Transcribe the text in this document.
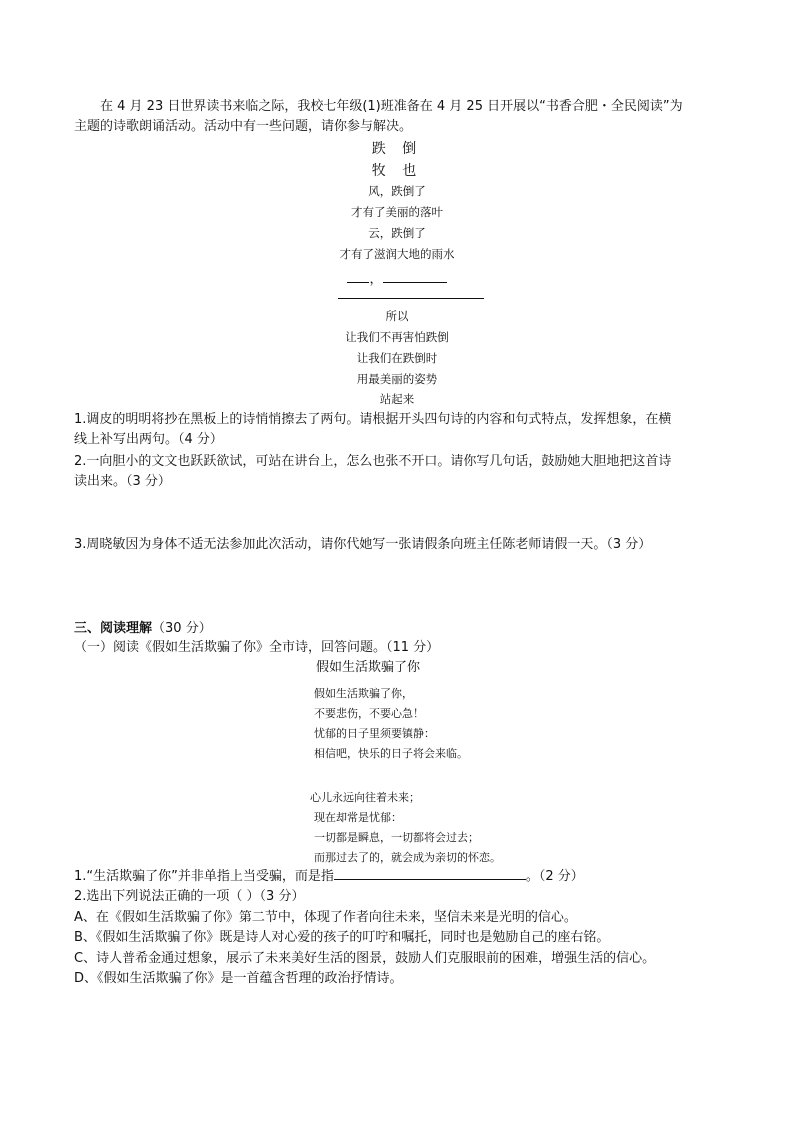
在 4 月 23 日世界读书来临之际，我校七年级(1)班准备在 4 月 25 日开展以“书香合肥・全民阅读”为
主题的诗歌朗诵活动。活动中有一些问题，请你参与解决。
跌 倒
牧 也
风，跌倒了
才有了美丽的落叶
云，跌倒了
才有了滋润大地的雨水
，
所以
让我们不再害怕跌倒
让我们在跌倒时
用最美丽的姿势
站起来
1.调皮的明明将抄在黑板上的诗悄悄擦去了两句。请根据开头四句诗的内容和句式特点，发挥想象，在横
线上补写出两句。（4 分）
2.一向胆小的文文也跃跃欲试，可站在讲台上，怎么也张不开口。请你写几句话，鼓励她大胆地把这首诗
读出来。（3 分）
3.周晓敏因为身体不适无法参加此次活动，请你代她写一张请假条向班主任陈老师请假一天。（3 分）
三、阅读理解（30 分）
（一）阅读《假如生活欺骗了你》全市诗，回答问题。（11 分）
假如生活欺骗了你
假如生活欺骗了你，
不要悲伤，不要心急！
忧郁的日子里须要镇静：
相信吧，快乐的日子将会来临。
心儿永远向往着未来；
现在却常是忧郁：
一切都是瞬息，一切都将会过去；
而那过去了的，就会成为亲切的怀恋。
1.“生活欺骗了你”并非单指上当受骗，而是指	。（2 分）
2.选出下列说法正确的一项（ ）（3 分）
A、在《假如生活欺骗了你》第二节中，体现了作者向往未来，坚信未来是光明的信心。
B、《假如生活欺骗了你》既是诗人对心爱的孩子的叮咛和嘱托，同时也是勉励自己的座右铭。
C、诗人普希金通过想象，展示了未来美好生活的图景，鼓励人们克服眼前的困难，增强生活的信心。
D、《假如生活欺骗了你》是一首蕴含哲理的政治抒情诗。
